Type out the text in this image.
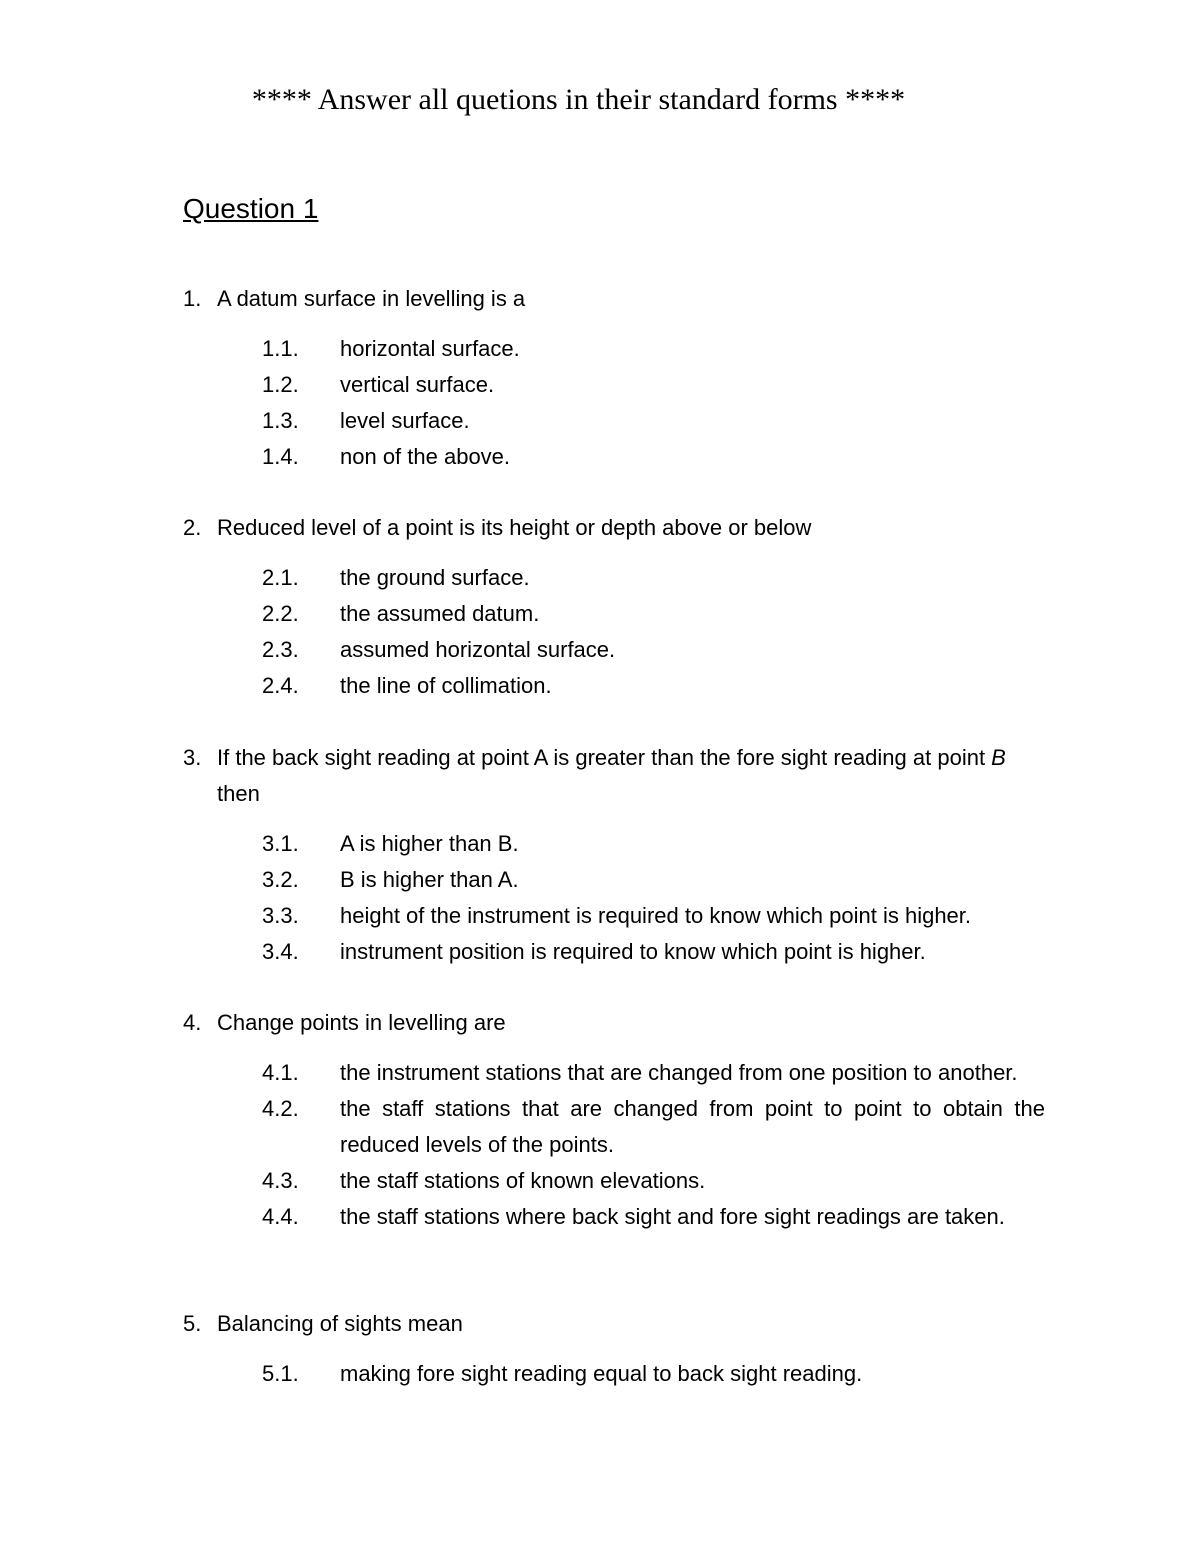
**** Answer all quetions in their standard forms ****
Question 1
1. A datum surface in levelling is a
1.1.	horizontal surface.
1.2.	vertical surface.
1.3.	level surface.
1.4.	non of the above.
2. Reduced level of a point is its height or depth above or below
2.1.	the ground surface.
2.2.	the assumed datum.
2.3.	assumed horizontal surface.
2.4.	the line of collimation.
3. If the back sight reading at point A is greater than the fore sight reading at point B then
3.1.	A is higher than B.
3.2.	B is higher than A.
3.3.	height of the instrument is required to know which point is higher.
3.4.	instrument position is required to know which point is higher.
4. Change points in levelling are
4.1.	the instrument stations that are changed from one position to another.
4.2.	the staff stations that are changed from point to point to obtain the reduced levels of the points.
4.3.	the staff stations of known elevations.
4.4.	the staff stations where back sight and fore sight readings are taken.
5. Balancing of sights mean
5.1.	making fore sight reading equal to back sight reading.
